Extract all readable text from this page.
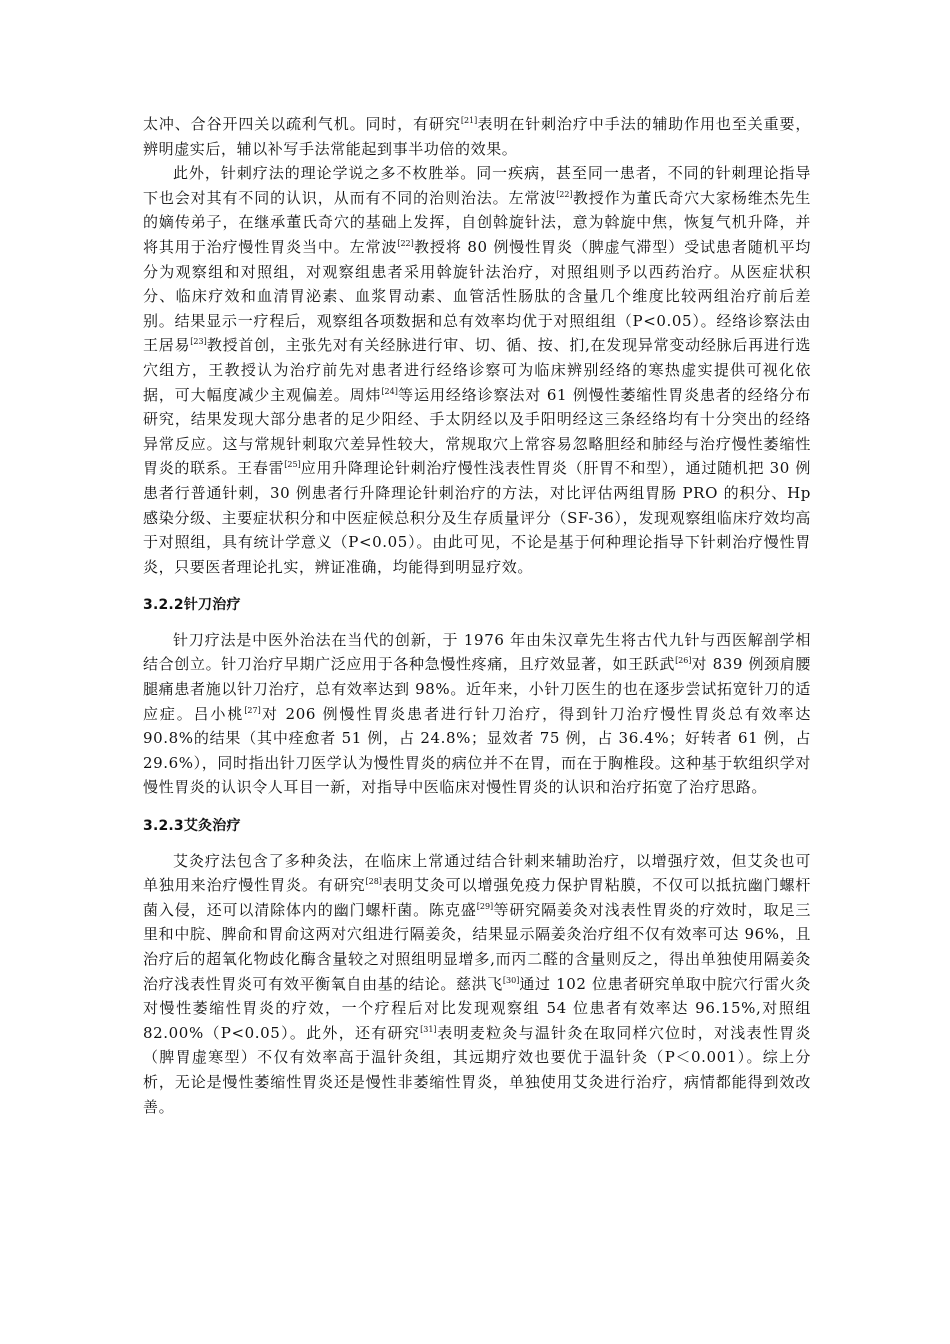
太冲、合谷开四关以疏利气机。同时，有研究[21]表明在针刺治疗中手法的辅助作用也至关重要，辨明虚实后，辅以补写手法常能起到事半功倍的效果。

此外，针刺疗法的理论学说之多不枚胜举。同一疾病，甚至同一患者，不同的针刺理论指导下也会对其有不同的认识，从而有不同的治则治法。左常波[22]教授作为董氏奇穴大家杨维杰先生的嫡传弟子，在继承董氏奇穴的基础上发挥，自创斡旋针法，意为斡旋中焦，恢复气机升降，并将其用于治疗慢性胃炎当中。左常波[22]教授将 80 例慢性胃炎（脾虚气滞型）受试患者随机平均分为观察组和对照组，对观察组患者采用斡旋针法治疗，对照组则予以西药治疗。从医症状积分、临床疗效和血清胃泌素、血浆胃动素、血管活性肠肽的含量几个维度比较两组治疗前后差别。结果显示一疗程后，观察组各项数据和总有效率均优于对照组组（P<0.05）。经络诊察法由王居易[23]教授首创，主张先对有关经脉进行审、切、循、按、扪,在发现异常变动经脉后再进行选穴组方，王教授认为治疗前先对患者进行经络诊察可为临床辨别经络的寒热虚实提供可视化依据，可大幅度减少主观偏差。周炜[24]等运用经络诊察法对 61 例慢性萎缩性胃炎患者的经络分布研究，结果发现大部分患者的足少阳经、手太阴经以及手阳明经这三条经络均有十分突出的经络异常反应。这与常规针刺取穴差异性较大，常规取穴上常容易忽略胆经和肺经与治疗慢性萎缩性胃炎的联系。王春雷[25]应用升降理论针刺治疗慢性浅表性胃炎（肝胃不和型），通过随机把 30 例患者行普通针刺，30 例患者行升降理论针刺治疗的方法，对比评估两组胃肠 PRO 的积分、Hp 感染分级、主要症状积分和中医症候总积分及生存质量评分（SF-36），发现观察组临床疗效均高于对照组，具有统计学意义（P<0.05）。由此可见，不论是基于何种理论指导下针刺治疗慢性胃炎，只要医者理论扎实，辨证准确，均能得到明显疗效。

3.2.2针刀治疗

针刀疗法是中医外治法在当代的创新，于 1976 年由朱汉章先生将古代九针与西医解剖学相结合创立。针刀治疗早期广泛应用于各种急慢性疼痛，且疗效显著，如王跃武[26]对 839 例颈肩腰腿痛患者施以针刀治疗，总有效率达到 98%。近年来，小针刀医生的也在逐步尝试拓宽针刀的适应症。吕小桃[27]对 206 例慢性胃炎患者进行针刀治疗，得到针刀治疗慢性胃炎总有效率达 90.8%的结果（其中痊愈者 51 例，占 24.8%；显效者 75 例，占 36.4%；好转者 61 例，占 29.6%），同时指出针刀医学认为慢性胃炎的病位并不在胃，而在于胸椎段。这种基于软组织学对慢性胃炎的认识令人耳目一新，对指导中医临床对慢性胃炎的认识和治疗拓宽了治疗思路。

3.2.3艾灸治疗

艾灸疗法包含了多种灸法，在临床上常通过结合针刺来辅助治疗，以增强疗效，但艾灸也可单独用来治疗慢性胃炎。有研究[28]表明艾灸可以增强免疫力保护胃粘膜，不仅可以抵抗幽门螺杆菌入侵，还可以清除体内的幽门螺杆菌。陈克盛[29]等研究隔姜灸对浅表性胃炎的疗效时，取足三里和中脘、脾俞和胃俞这两对穴组进行隔姜灸，结果显示隔姜灸治疗组不仅有效率可达 96%，且治疗后的超氧化物歧化酶含量较之对照组明显增多,而丙二醛的含量则反之，得出单独使用隔姜灸治疗浅表性胃炎可有效平衡氧自由基的结论。慈洪飞[30]通过 102 位患者研究单取中脘穴行雷火灸对慢性萎缩性胃炎的疗效，一个疗程后对比发现观察组 54 位患者有效率达 96.15%,对照组 82.00%（P<0.05）。此外，还有研究[31]表明麦粒灸与温针灸在取同样穴位时，对浅表性胃炎（脾胃虚寒型）不仅有效率高于温针灸组，其远期疗效也要优于温针灸（P＜0.001）。综上分析，无论是慢性萎缩性胃炎还是慢性非萎缩性胃炎，单独使用艾灸进行治疗，病情都能得到效改善。
